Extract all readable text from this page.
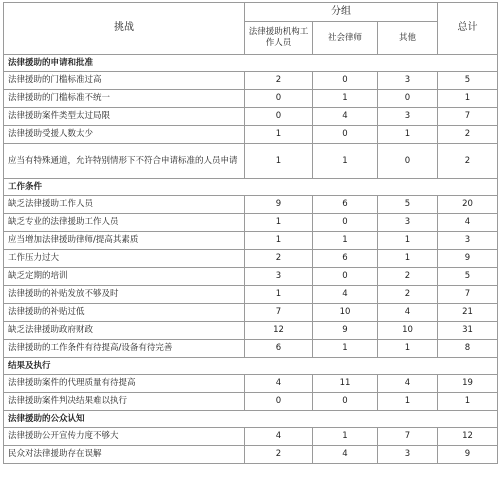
挑战	分组			总计
	法律援助机构工作人员	社会律师	其他	
法律援助的申请和批准				
法律援助的门槛标准过高	2	0	3	5
法律援助的门槛标准不统一	0	1	0	1
法律援助案件类型太过局限	0	4	3	7
法律援助受援人数太少	1	0	1	2
应当有特殊通道，允许特别情形下不符合申请标准的人员申请	1	1	0	2
工作条件				
缺乏法律援助工作人员	9	6	5	20
缺乏专业的法律援助工作人员	1	0	3	4
应当增加法律援助律师/提高其素质	1	1	1	3
工作压力过大	2	6	1	9
缺乏定期的培训	3	0	2	5
法律援助的补贴发放不够及时	1	4	2	7
法律援助的补贴过低	7	10	4	21
缺乏法律援助政府财政	12	9	10	31
法律援助的工作条件有待提高/设备有待完善	6	1	1	8
结果及执行				
法律援助案件的代理质量有待提高	4	11	4	19
法律援助案件判决结果难以执行	0	0	1	1
法律援助的公众认知				
法律援助公开宣传力度不够大	4	1	7	12
民众对法律援助存在误解	2	4	3	9
